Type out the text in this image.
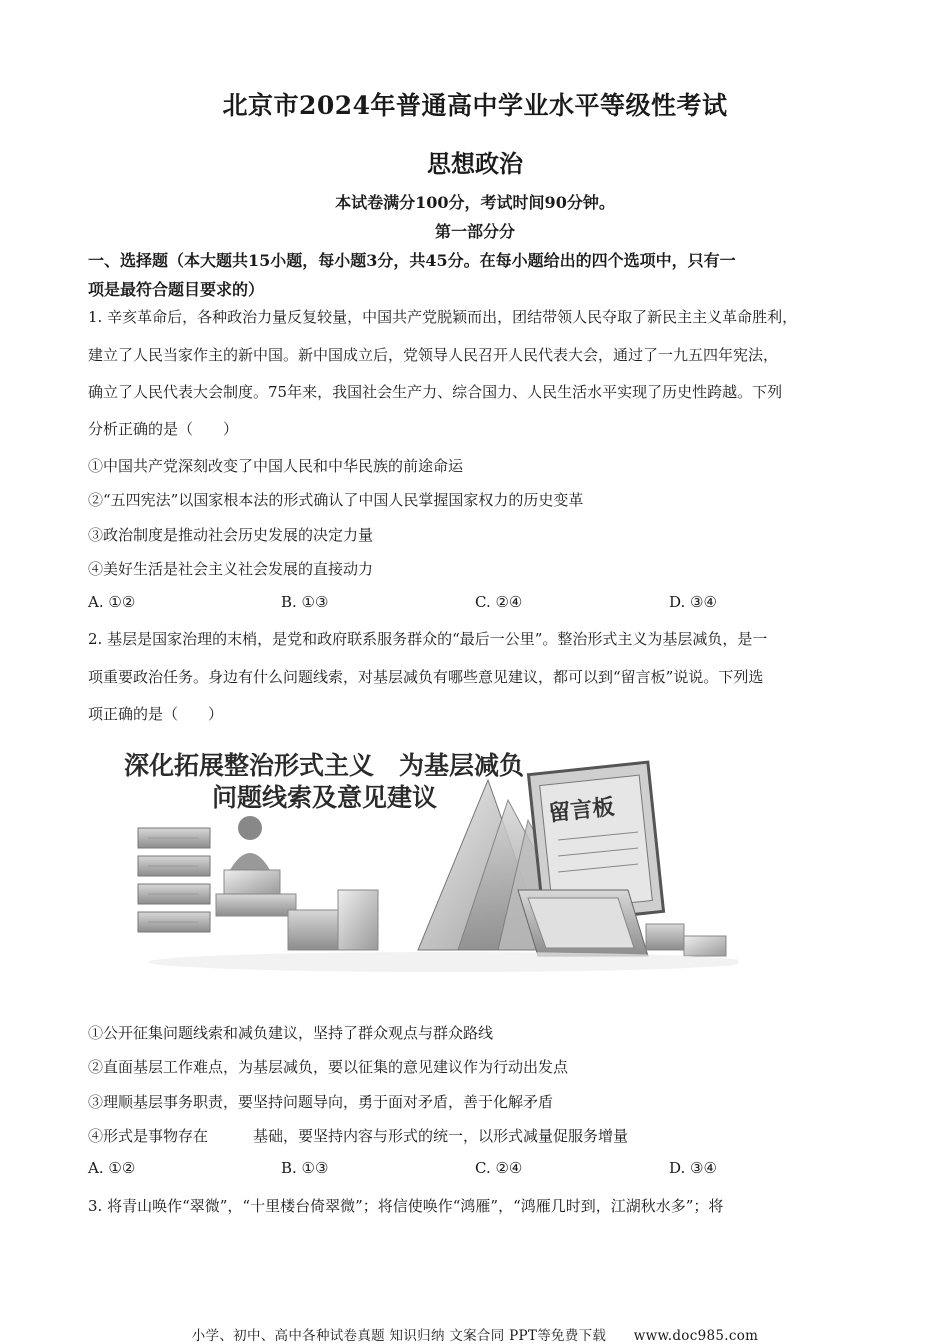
北京市2024年普通高中学业水平等级性考试
思想政治
本试卷满分100分，考试时间90分钟。
第一部分分
一、选择题（本大题共15小题，每小题3分，共45分。在每小题给出的四个选项中，只有一
项是最符合题目要求的）
1. 辛亥革命后，各种政治力量反复较量，中国共产党脱颖而出，团结带领人民夺取了新民主主义革命胜利，
建立了人民当家作主的新中国。新中国成立后，党领导人民召开人民代表大会，通过了一九五四年宪法，
确立了人民代表大会制度。75年来，我国社会生产力、综合国力、人民生活水平实现了历史性跨越。下列
分析正确的是（　　）
①中国共产党深刻改变了中国人民和中华民族的前途命运
②“五四宪法”以国家根本法的形式确认了中国人民掌握国家权力的历史变革
③政治制度是推动社会历史发展的决定力量
④美好生活是社会主义社会发展的直接动力
A. ①②	B. ①③	C. ②④	D. ③④
2. 基层是国家治理的末梢，是党和政府联系服务群众的“最后一公里”。整治形式主义为基层减负，是一
项重要政治任务。身边有什么问题线索，对基层减负有哪些意见建议，都可以到“留言板”说说。下列选
项正确的是（　　）
深化拓展整治形式主义　为基层减负
问题线索及意见建议	留言板
①公开征集问题线索和减负建议，坚持了群众观点与群众路线
②直面基层工作难点，为基层减负，要以征集的意见建议作为行动出发点
③理顺基层事务职责，要坚持问题导向，勇于面对矛盾，善于化解矛盾
④形式是事物存在　　　基础，要坚持内容与形式的统一，以形式减量促服务增量
A. ①②	B. ①③	C. ②④	D. ③④
3. 将青山唤作“翠微”，“十里楼台倚翠微”；将信使唤作“鸿雁”，“鸿雁几时到，江湖秋水多”；将
小学、初中、高中各种试卷真题 知识归纳 文案合同 PPT等免费下载　　www.doc985.com
